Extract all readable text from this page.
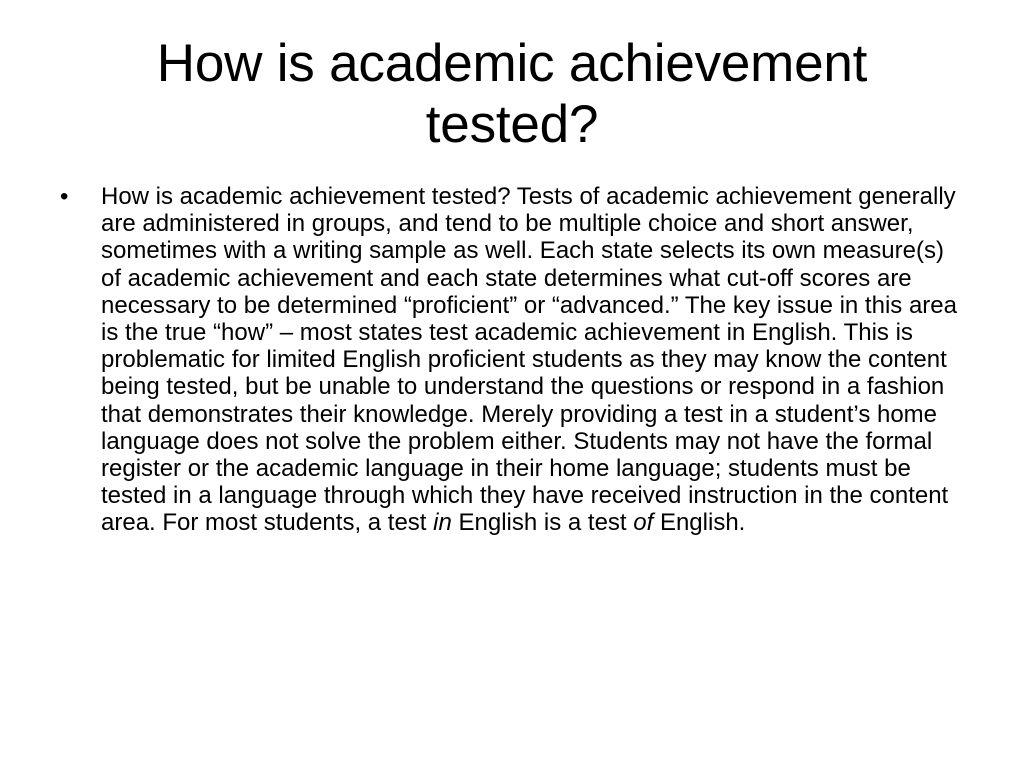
How is academic achievement tested?
• How is academic achievement tested? Tests of academic achievement generally are administered in groups, and tend to be multiple choice and short answer, sometimes with a writing sample as well. Each state selects its own measure(s) of academic achievement and each state determines what cut-off scores are necessary to be determined “proficient” or “advanced.” The key issue in this area is the true “how” – most states test academic achievement in English. This is problematic for limited English proficient students as they may know the content being tested, but be unable to understand the questions or respond in a fashion that demonstrates their knowledge. Merely providing a test in a student’s home language does not solve the problem either. Students may not have the formal register or the academic language in their home language; students must be tested in a language through which they have received instruction in the content area. For most students, a test in English is a test of English.
